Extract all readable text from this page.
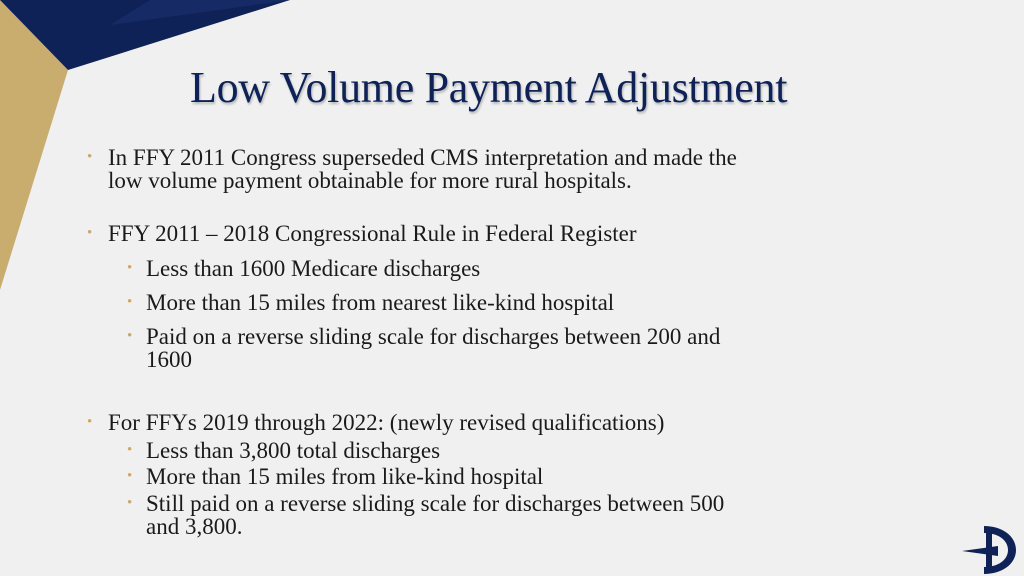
Low Volume Payment Adjustment
• In FFY 2011 Congress superseded CMS interpretation and made the
low volume payment obtainable for more rural hospitals.
• FFY 2011 – 2018 Congressional Rule in Federal Register
• Less than 1600 Medicare discharges
• More than 15 miles from nearest like-kind hospital
• Paid on a reverse sliding scale for discharges between 200 and
1600
• For FFYs 2019 through 2022: (newly revised qualifications)
• Less than 3,800 total discharges
• More than 15 miles from like-kind hospital
• Still paid on a reverse sliding scale for discharges between 500
and 3,800.
